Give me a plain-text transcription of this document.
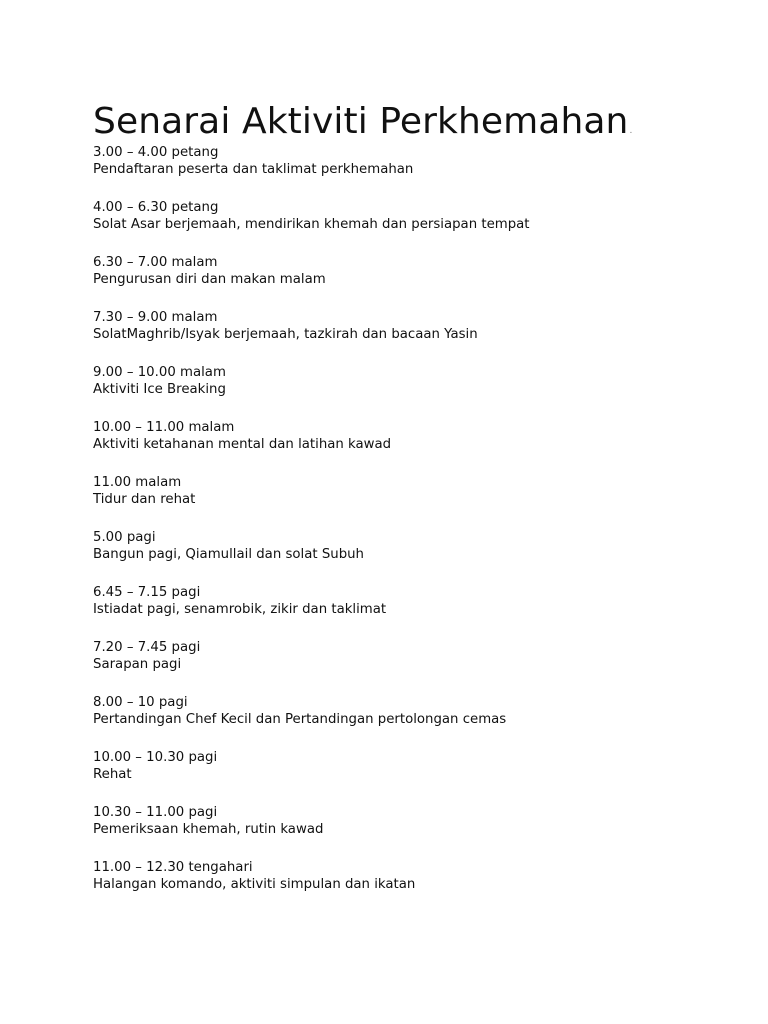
Senarai Aktiviti Perkhemahan .
3.00 – 4.00 petang
Pendaftaran peserta dan taklimat perkhemahan
4.00 – 6.30 petang
Solat Asar berjemaah, mendirikan khemah dan persiapan tempat
6.30 – 7.00 malam
Pengurusan diri dan makan malam
7.30 – 9.00 malam
SolatMaghrib/Isyak berjemaah, tazkirah dan bacaan Yasin
9.00 – 10.00 malam
Aktiviti Ice Breaking
10.00 – 11.00 malam
Aktiviti ketahanan mental dan latihan kawad
11.00 malam
Tidur dan rehat
5.00 pagi
Bangun pagi, Qiamullail dan solat Subuh
6.45 – 7.15 pagi
Istiadat pagi, senamrobik, zikir dan taklimat
7.20 – 7.45 pagi
Sarapan pagi
8.00 – 10 pagi
Pertandingan Chef Kecil dan Pertandingan pertolongan cemas
10.00 – 10.30 pagi
Rehat
10.30 – 11.00 pagi
Pemeriksaan khemah, rutin kawad
11.00 – 12.30 tengahari
Halangan komando, aktiviti simpulan dan ikatan
